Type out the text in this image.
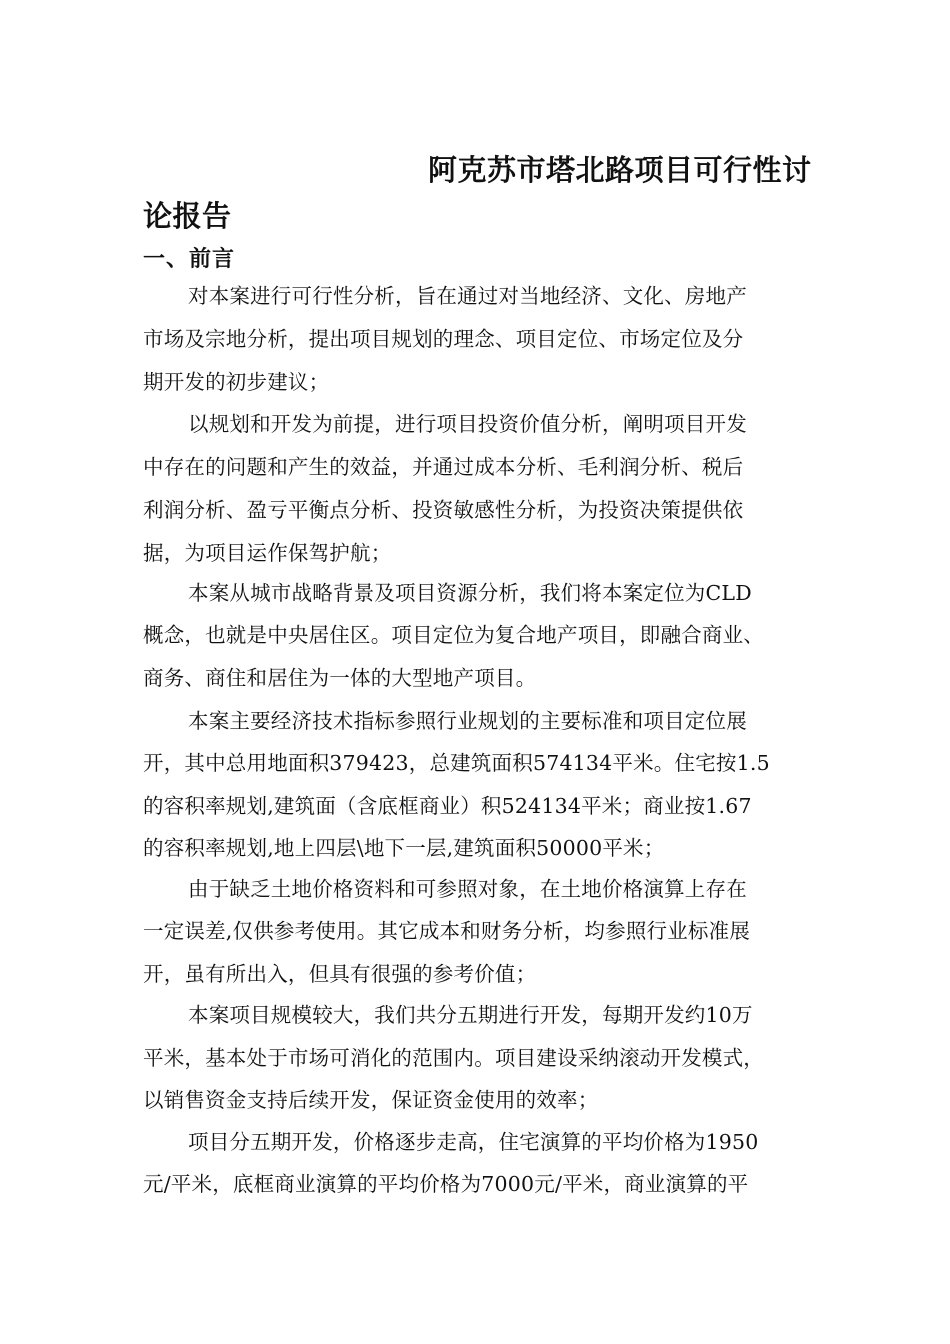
阿克苏市塔北路项目可行性讨
论报告
一、前言
对本案进行可行性分析，旨在通过对当地经济、文化、房地产
市场及宗地分析，提出项目规划的理念、项目定位、市场定位及分
期开发的初步建议；
以规划和开发为前提，进行项目投资价值分析，阐明项目开发
中存在的问题和产生的效益，并通过成本分析、毛利润分析、税后
利润分析、盈亏平衡点分析、投资敏感性分析，为投资决策提供依
据，为项目运作保驾护航；
本案从城市战略背景及项目资源分析，我们将本案定位为CLD
概念，也就是中央居住区。项目定位为复合地产项目，即融合商业、
商务、商住和居住为一体的大型地产项目。
本案主要经济技术指标参照行业规划的主要标准和项目定位展
开，其中总用地面积379423，总建筑面积574134平米。住宅按1.5
的容积率规划,建筑面（含底框商业）积524134平米；商业按1.67
的容积率规划,地上四层\地下一层,建筑面积50000平米；
由于缺乏土地价格资料和可参照对象，在土地价格演算上存在
一定误差,仅供参考使用。其它成本和财务分析，均参照行业标准展
开，虽有所出入，但具有很强的参考价值；
本案项目规模较大，我们共分五期进行开发，每期开发约10万
平米，基本处于市场可消化的范围内。项目建设采纳滚动开发模式，
以销售资金支持后续开发，保证资金使用的效率；
项目分五期开发，价格逐步走高，住宅演算的平均价格为1950
元/平米，底框商业演算的平均价格为7000元/平米，商业演算的平
